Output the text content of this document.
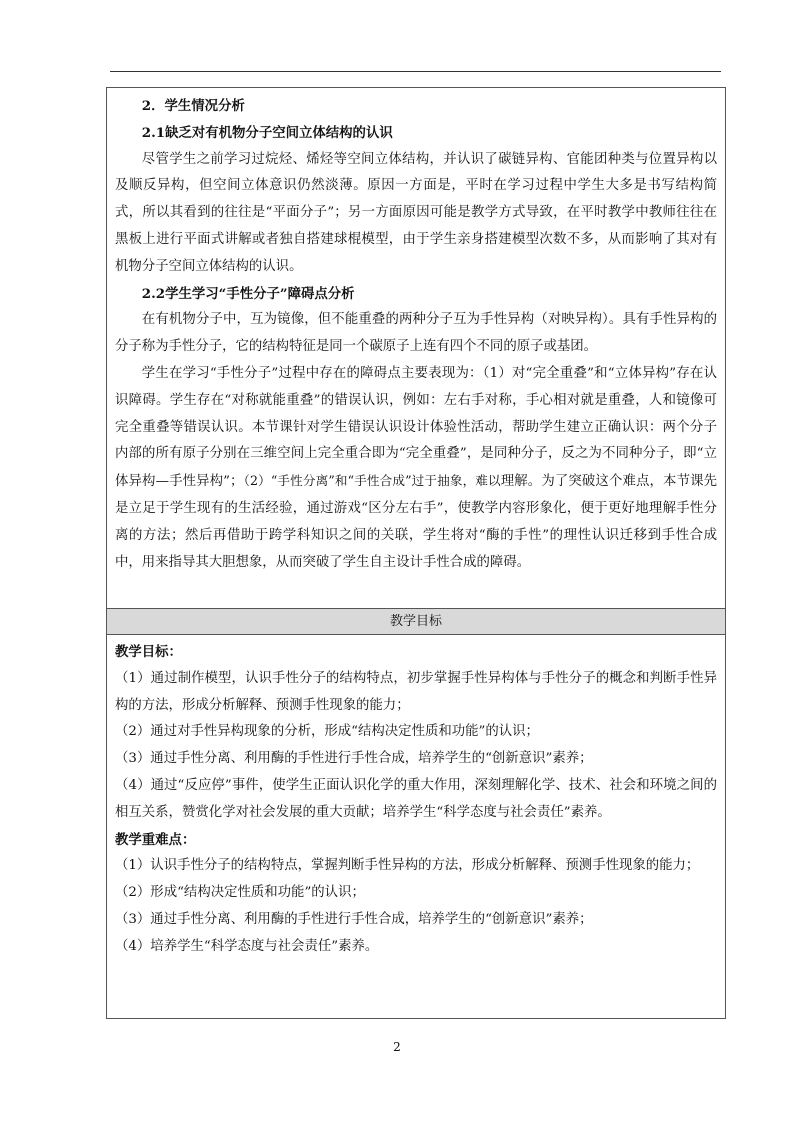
2．学生情况分析

2.1缺乏对有机物分子空间立体结构的认识

尽管学生之前学习过烷烃、烯烃等空间立体结构，并认识了碳链异构、官能团种类与位置异构以及顺反异构，但空间立体意识仍然淡薄。原因一方面是，平时在学习过程中学生大多是书写结构简式，所以其看到的往往是“平面分子”；另一方面原因可能是教学方式导致，在平时教学中教师往往在黑板上进行平面式讲解或者独自搭建球棍模型，由于学生亲身搭建模型次数不多，从而影响了其对有机物分子空间立体结构的认识。

2.2学生学习“手性分子”障碍点分析

在有机物分子中，互为镜像，但不能重叠的两种分子互为手性异构（对映异构）。具有手性异构的分子称为手性分子，它的结构特征是同一个碳原子上连有四个不同的原子或基团。

学生在学习“手性分子”过程中存在的障碍点主要表现为：（1）对“完全重叠”和“立体异构”存在认识障碍。学生存在“对称就能重叠”的错误认识，例如：左右手对称，手心相对就是重叠，人和镜像可完全重叠等错误认识。本节课针对学生错误认识设计体验性活动，帮助学生建立正确认识：两个分子内部的所有原子分别在三维空间上完全重合即为“完全重叠”，是同种分子，反之为不同种分子，即“立体异构—手性异构”；（2）“手性分离”和“手性合成”过于抽象，难以理解。为了突破这个难点，本节课先是立足于学生现有的生活经验，通过游戏“区分左右手”，使教学内容形象化，便于更好地理解手性分离的方法；然后再借助于跨学科知识之间的关联，学生将对“酶的手性”的理性认识迁移到手性合成中，用来指导其大胆想象，从而突破了学生自主设计手性合成的障碍。

教学目标

教学目标：

（1）通过制作模型，认识手性分子的结构特点，初步掌握手性异构体与手性分子的概念和判断手性异构的方法，形成分析解释、预测手性现象的能力；

（2）通过对手性异构现象的分析，形成“结构决定性质和功能”的认识；

（3）通过手性分离、利用酶的手性进行手性合成，培养学生的“创新意识”素养；

（4）通过“反应停”事件，使学生正面认识化学的重大作用，深刻理解化学、技术、社会和环境之间的相互关系，赞赏化学对社会发展的重大贡献；培养学生“科学态度与社会责任”素养。

教学重难点：

（1）认识手性分子的结构特点，掌握判断手性异构的方法，形成分析解释、预测手性现象的能力；

（2）形成“结构决定性质和功能”的认识；

（3）通过手性分离、利用酶的手性进行手性合成，培养学生的“创新意识”素养；

（4）培养学生“科学态度与社会责任”素养。

2
